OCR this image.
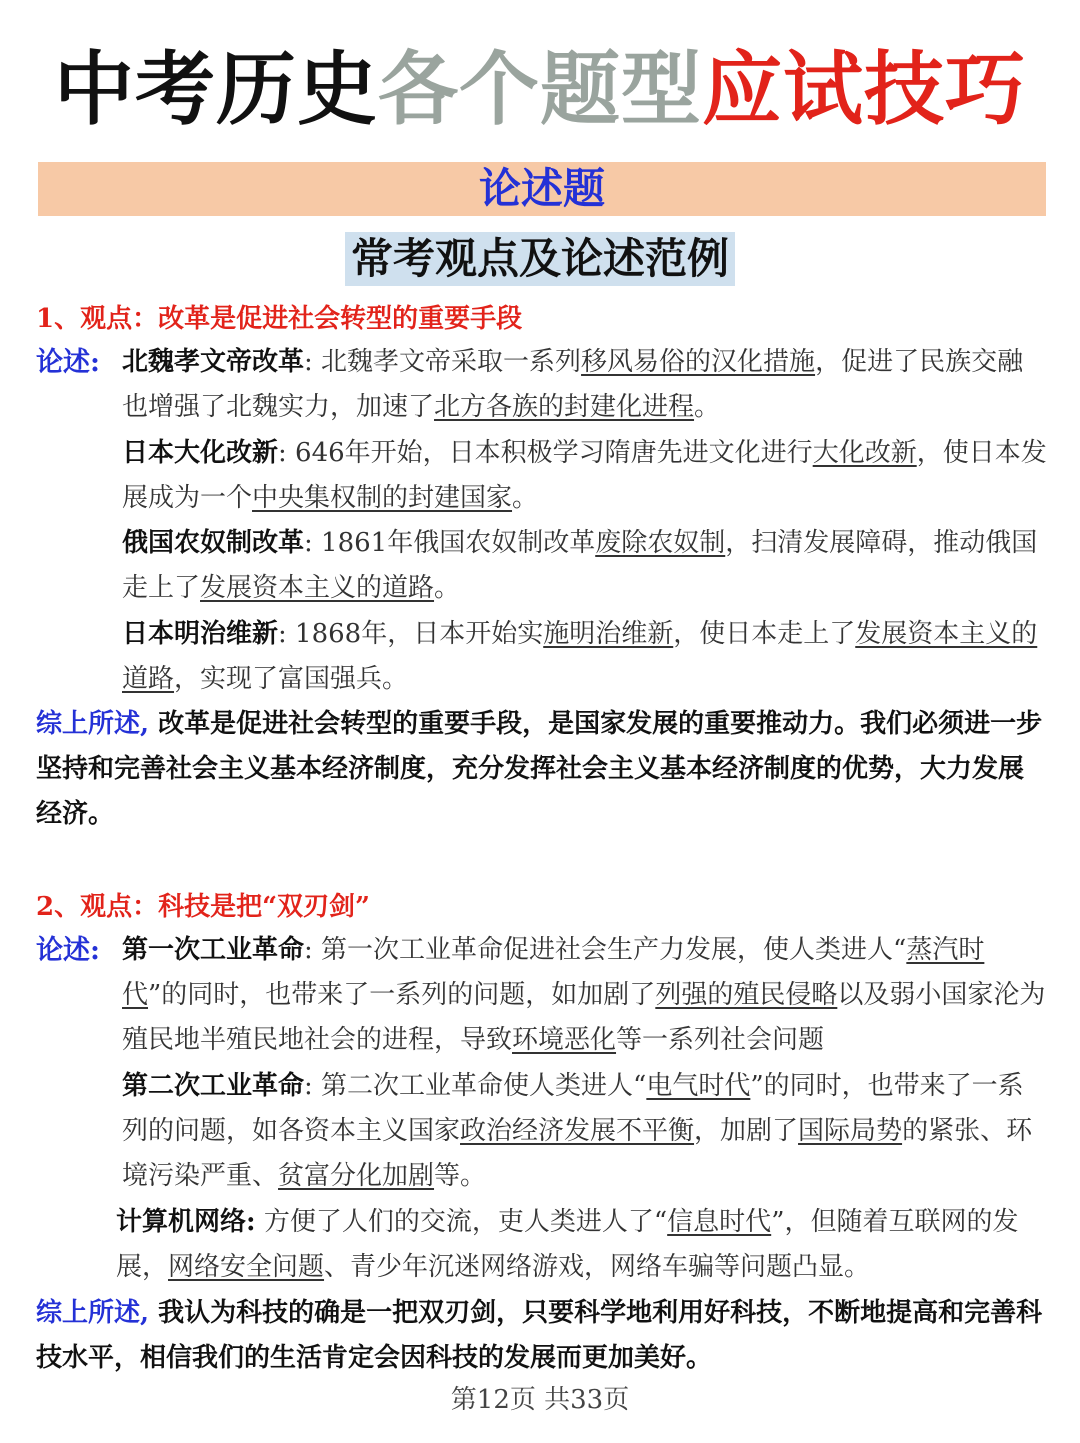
中考历史各个题型应试技巧
论述题
常考观点及论述范例
1、观点：改革是促进社会转型的重要手段
论述: 北魏孝文帝改革: 北魏孝文帝采取一系列移风易俗的汉化措施，促进了民族交融也增强了北魏实力，加速了北方各族的封建化进程。
日本大化改新: 646年开始，日本积极学习隋唐先进文化进行大化改新，使日本发展成为一个中央集权制的封建国家。
俄国农奴制改革: 1861年俄国农奴制改革废除农奴制，扫清发展障碍，推动俄国走上了发展资本主义的道路。
日本明治维新: 1868年，日本开始实施明治维新，使日本走上了发展资本主义的道路，实现了富国强兵。
综上所述, 改革是促进社会转型的重要手段，是国家发展的重要推动力。我们必须进一步坚持和完善社会主义基本经济制度，充分发挥社会主义基本经济制度的优势，大力发展经济。
2、观点：科技是把“双刃剑”
论述: 第一次工业革命: 第一次工业革命促进社会生产力发展，使人类进人“蒸汽时代”的同时，也带来了一系列的问题，如加剧了列强的殖民侵略以及弱小国家沦为殖民地半殖民地社会的进程，导致环境恶化等一系列社会问题
第二次工业革命: 第二次工业革命使人类进人“电气时代”的同时，也带来了一系列的问题，如各资本主义国家政治经济发展不平衡，加剧了国际局势的紧张、环境污染严重、贫富分化加剧等。
计算机网络: 方便了人们的交流，吏人类进人了“信息时代”，但随着互联网的发展，网络安全问题、青少年沉迷网络游戏，网络车骗等问题凸显。
综上所述, 我认为科技的确是一把双刃剑，只要科学地利用好科技，不断地提高和完善科技水平，相信我们的生活肯定会因科技的发展而更加美好。
第12页 共33页
